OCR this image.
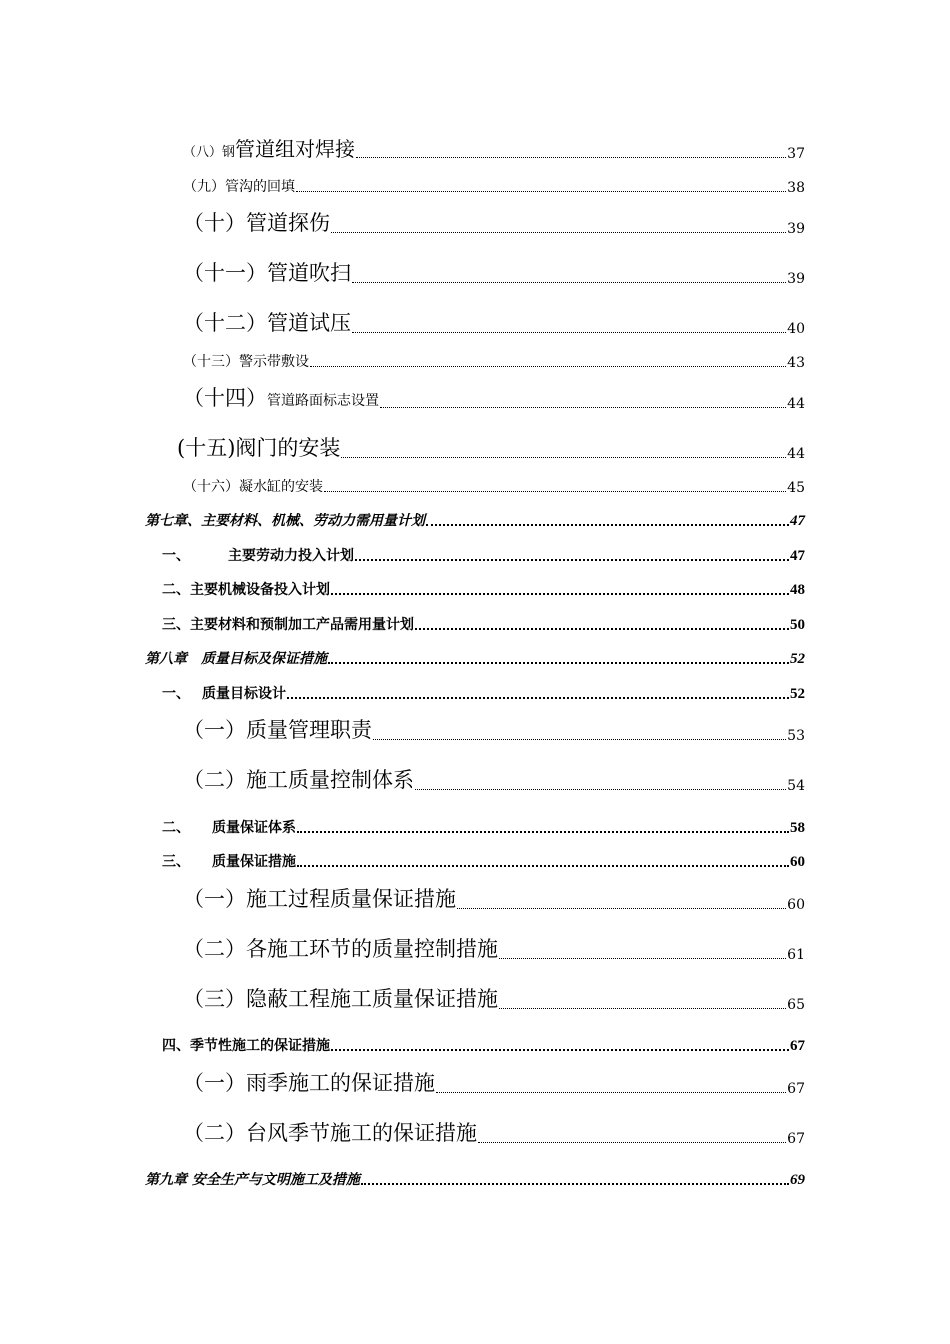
（八）钢管道组对焊接	37
（九）管沟的回填	38
（十）管道探伤	39
（十一）管道吹扫	39
（十二）管道试压	40
（十三）警示带敷设	43
（十四）管道路面标志设置	44
(十五)阀门的安装	44
（十六）凝水缸的安装	45
第七章、主要材料、机械、劳动力需用量计划	47
一、	主要劳动力投入计划	47
二、主要机械设备投入计划	48
三、主要材料和预制加工产品需用量计划	50
第八章　质量目标及保证措施	52
一、 质量目标设计	52
（一）质量管理职责	53
（二）施工质量控制体系	54
二、 质量保证体系	58
三、 质量保证措施	60
（一）施工过程质量保证措施	60
（二）各施工环节的质量控制措施	61
（三）隐蔽工程施工质量保证措施	65
四、季节性施工的保证措施	67
（一）雨季施工的保证措施	67
（二）台风季节施工的保证措施	67
第九章 安全生产与文明施工及措施	69
